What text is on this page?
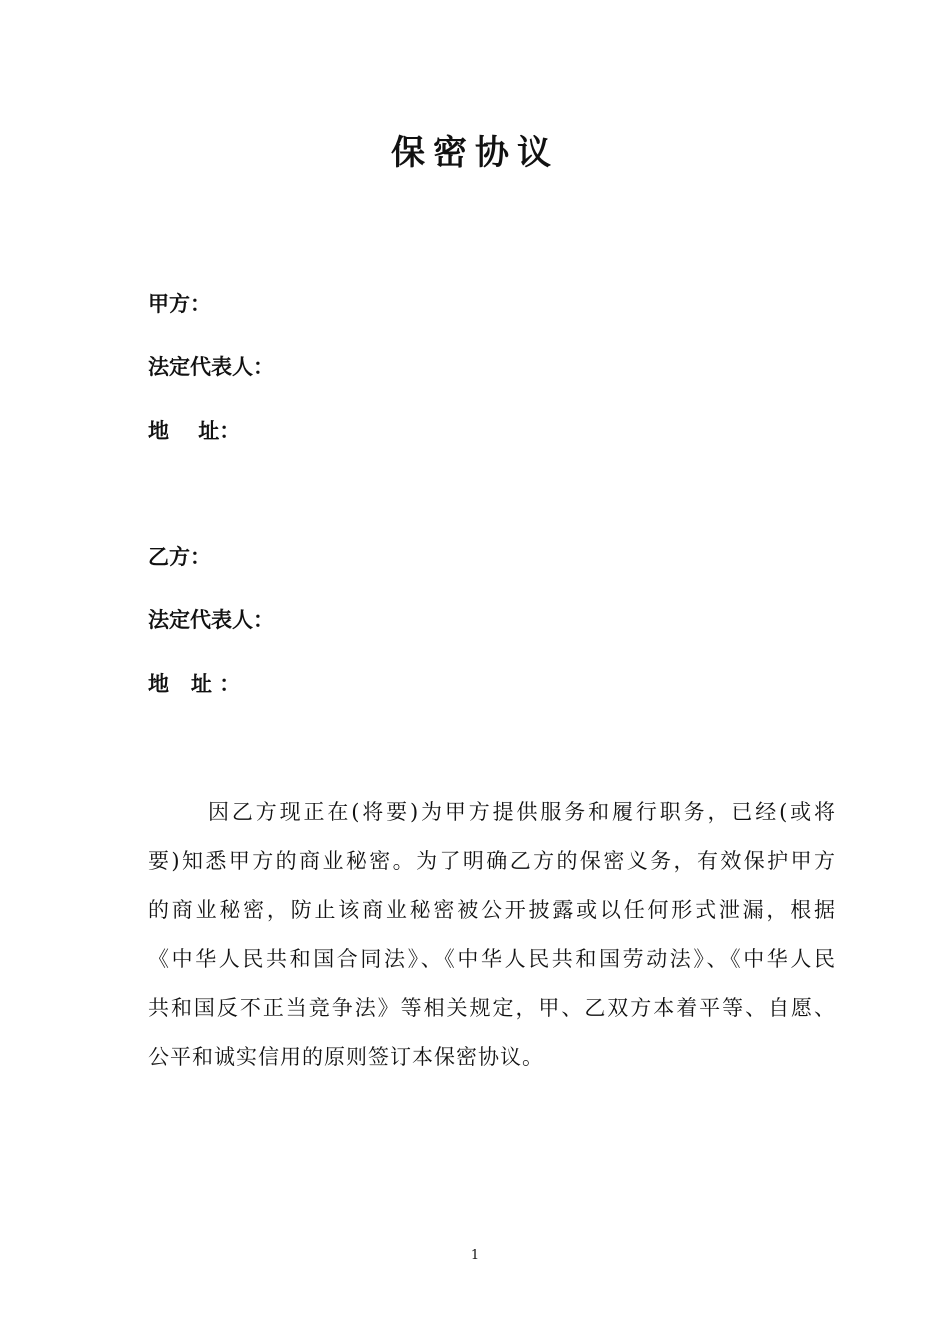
保密协议
甲方：
法定代表人：
地    址：
乙方：
法定代表人：
地   址 ：
因乙方现正在(将要)为甲方提供服务和履行职务，已经(或将
要)知悉甲方的商业秘密。为了明确乙方的保密义务，有效保护甲方
的商业秘密，防止该商业秘密被公开披露或以任何形式泄漏，根据
《中华人民共和国合同法》、《中华人民共和国劳动法》、《中华人民
共和国反不正当竞争法》等相关规定，甲、乙双方本着平等、自愿、
公平和诚实信用的原则签订本保密协议。
1
